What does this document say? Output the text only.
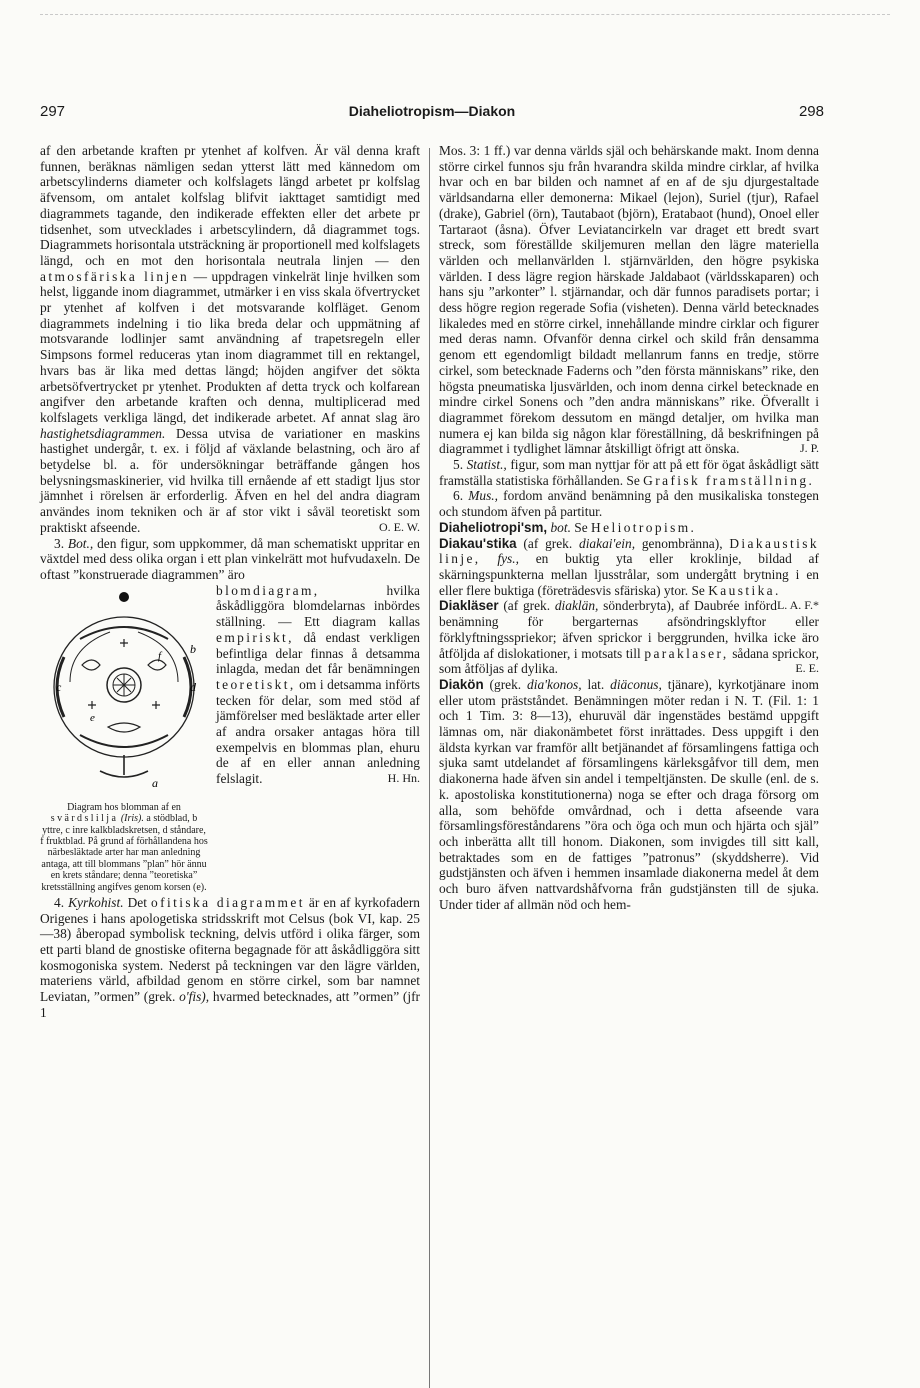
297	Diaheliotropism—Diakon	298

af den arbetande kraften pr ytenhet af kolfven. Är väl denna kraft funnen, beräknas nämligen sedan ytterst lätt med kännedom om arbetscylinderns diameter och kolfslagets längd arbetet pr kolfslag äfvensom, om antalet kolfslag blifvit iakttaget samtidigt med diagrammets tagande, den indikerade effekten eller det arbete pr tidsenhet, som utvecklades i arbetscylindern, då diagrammet togs. Diagrammets horisontala utsträckning är proportionell med kolfslagets längd, och en mot den horisontala neutrala linjen — den atmosfäriska linjen — uppdragen vinkelrät linje hvilken som helst, liggande inom diagrammet, utmärker i en viss skala öfvertrycket pr ytenhet af kolfven i det motsvarande kolfläget. Genom diagrammets indelning i tio lika breda delar och uppmätning af motsvarande lodlinjer samt användning af trapetsregeln eller Simpsons formel reduceras ytan inom diagrammet till en rektangel, hvars bas är lika med dettas längd; höjden angifver det sökta arbetsöfvertrycket pr ytenhet. Produkten af detta tryck och kolfarean angifver den arbetande kraften och denna, multiplicerad med kolfslagets verkliga längd, det indikerade arbetet. Af annat slag äro hastighetsdiagrammen. Dessa utvisa de variationer en maskins hastighet undergår, t. ex. i följd af växlande belastning, och äro af betydelse bl. a. för undersökningar beträffande gången hos belysningsmaskinerier, vid hvilka till ernående af ett stadigt ljus stor jämnhet i rörelsen är erforderlig. Äfven en hel del andra diagram användes inom tekniken och är af stor vikt i såväl teoretiskt som praktiskt afseende.	O. E. W.

3. Bot., den figur, som uppkommer, då man schematiskt uppritar en växtdel med dess olika organ i ett plan vinkelrätt mot hufvudaxeln. De oftast ”konstruerade diagrammen” äro

b
c	d
e
f
a
Diagram hos blomman af en svärdslilja (Iris). a stödblad, b yttre, c inre kalkbladskretsen, d ståndare, f fruktblad. På grund af förhållandena hos närbesläktade arter har man anledning antaga, att till blommans ”plan” hör ännu en krets ståndare; denna ”teoretiska” kretsställning angifves genom korsen (e).

blomdiagram,	hvilka åskådliggöra blomdelarnas inbördes ställning. — Ett diagram kallas empiriskt, då endast verkligen befintliga delar finnas å detsamma inlagda, medan det får benämningen teoretiskt, om i detsamma införts tecken för delar, som med stöd af jämförelser med besläktade arter eller af andra orsaker antagas höra till exempelvis en blommas plan, ehuru de af en eller annan anledning felslagit.	H. Hn.

4. Kyrkohist. Det ofitiska diagrammet är en af kyrkofadern Origenes i hans apologetiska stridsskrift mot Celsus (bok VI, kap. 25—38) åberopad symbolisk teckning, delvis utförd i olika färger, som ett parti bland de gnostiske ofiterna begagnade för att åskådliggöra sitt kosmogoniska system. Nederst på teckningen var den lägre världen, materiens värld, afbildad genom en större cirkel, som bar namnet Leviatan, ”ormen” (grek. o'fis), hvarmed betecknades, att ”ormen” (jfr 1

Mos. 3: 1 ff.) var denna världs själ och behärskande makt. Inom denna större cirkel funnos sju från hvarandra skilda mindre cirklar, af hvilka hvar och en bar bilden och namnet af en af de sju djurgestaltade världsandarna eller demonerna: Mikael (lejon), Suriel (tjur), Rafael (drake), Gabriel (örn), Tautabaot (björn), Eratabaot (hund), Onoel eller Tartaraot (åsna). Öfver Leviatancirkeln var draget ett bredt svart streck, som föreställde skiljemuren mellan den lägre materiella världen och mellanvärlden l. stjärnvärlden, den högre psykiska världen. I dess lägre region härskade Jaldabaot (världsskaparen) och hans sju ”arkonter” l. stjärnandar, och där funnos paradisets portar; i dess högre region regerade Sofia (visheten). Denna värld betecknades likaledes med en större cirkel, innehållande mindre cirklar och figurer med deras namn. Ofvanför denna cirkel och skild från densamma genom ett egendomligt bildadt mellanrum fanns en tredje, större cirkel, som betecknade Faderns och ”den första människans” rike, den högsta pneumatiska ljusvärlden, och inom denna cirkel betecknade en mindre cirkel Sonens och ”den andra människans” rike. Öfverallt i diagrammet förekom dessutom en mängd detaljer, om hvilka man numera ej kan bilda sig någon klar föreställning, då beskrifningen på diagrammet i tydlighet lämnar åtskilligt öfrigt att önska.	J. P.

5. Statist., figur, som man nyttjar för att på ett för ögat åskådligt sätt framställa statistiska förhållanden. Se Grafisk framställning.

6. Mus., fordom använd benämning på den musikaliska tonstegen och stundom äfven på partitur.

Diaheliotropi'sm, bot. Se Heliotropism.

Diakau'stika (af grek. diakai'ein, genombränna), Diakaustisk linje, fys., en buktig yta eller kroklinje, bildad af skärningspunkterna mellan ljusstrålar, som undergått brytning i en eller flere buktiga (företrädesvis sfäriska) ytor. Se Kaustika.
L. A. F.*

Diakläser (af grek. diaklän, sönderbryta), af Daubrée införd benämning för bergarternas afsöndringsklyftor eller förklyftningsspriekor; äfven sprickor i berggrunden, hvilka icke äro åtföljda af dislokationer, i motsats till paraklaser, sådana sprickor, som åtföljas af dylika.	E. E.

Diakön (grek. dia'konos, lat. diäconus, tjänare), kyrkotjänare inom eller utom prästståndet. Benämningen möter redan i N. T. (Fil. 1: 1 och 1 Tim. 3: 8—13), ehuruväl där ingenstädes bestämd uppgift lämnas om, när diakonämbetet först inrättades. Dess uppgift i den äldsta kyrkan var framför allt betjänandet af församlingens fattiga och sjuka samt utdelandet af församlingens kärleksgåfvor till dem, men diakonerna hade äfven sin andel i tempeltjänsten. De skulle (enl. de s. k. apostoliska konstitutionerna) noga se efter och draga försorg om alla, som behöfde omvårdnad, och i detta afseende vara församlingsföreståndarens ”öra och öga och mun och hjärta och själ” och inberätta allt till honom. Diakonen, som invigdes till sitt kall, betraktades som en de fattiges ”patronus” (skyddsherre). Vid gudstjänsten och äfven i hemmen insamlade diakonerna medel åt dem och buro äfven nattvardshåfvorna från gudstjänsten till de sjuka. Under tider af allmän nöd och hem-
